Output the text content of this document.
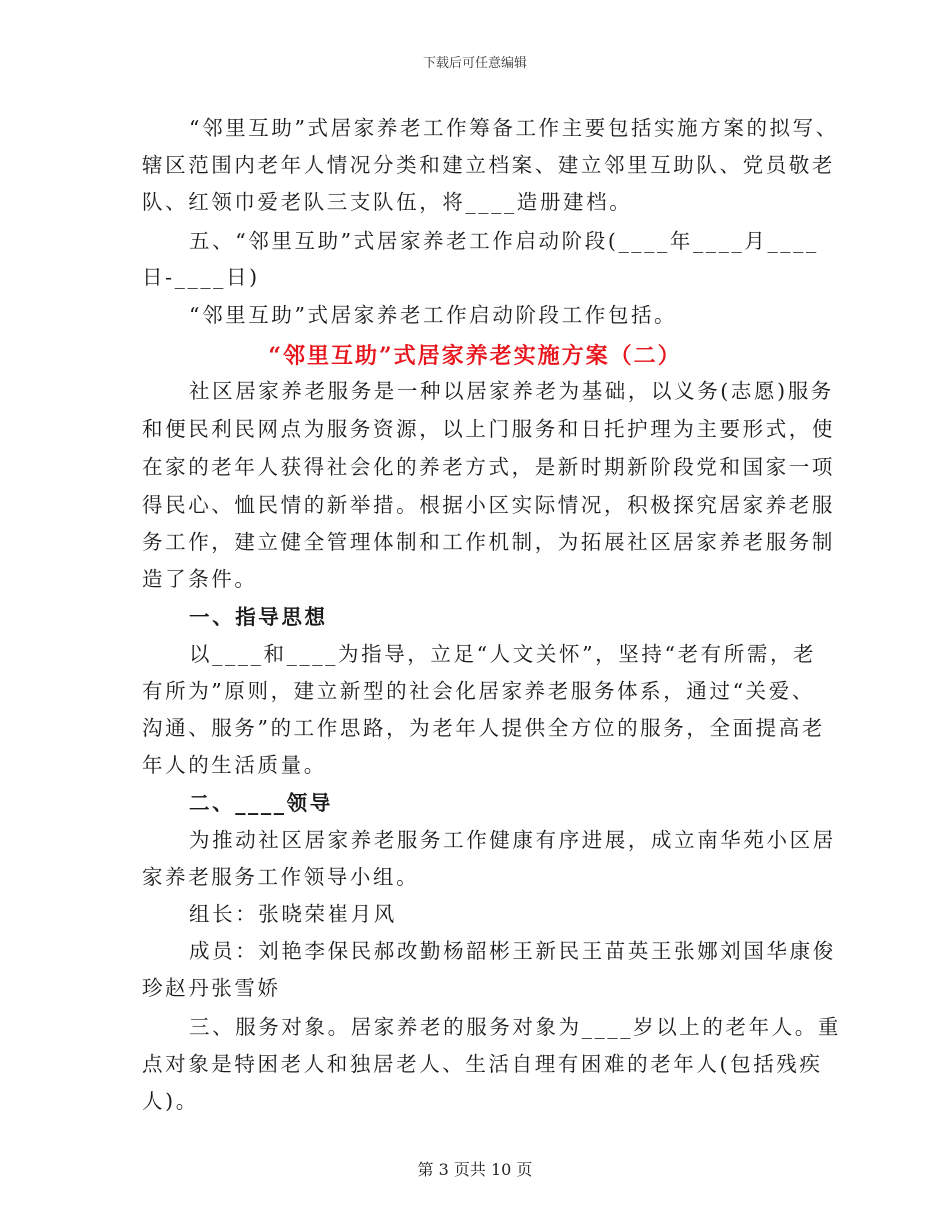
下载后可任意编辑
“邻里互助”式居家养老工作筹备工作主要包括实施方案的拟写、
辖区范围内老年人情况分类和建立档案、建立邻里互助队、党员敬老
队、红领巾爱老队三支队伍，将____造册建档。
五、“邻里互助”式居家养老工作启动阶段(____年____月____
日-____日)
“邻里互助”式居家养老工作启动阶段工作包括。
“邻里互助”式居家养老实施方案（二）
社区居家养老服务是一种以居家养老为基础，以义务(志愿)服务
和便民利民网点为服务资源，以上门服务和日托护理为主要形式，使
在家的老年人获得社会化的养老方式，是新时期新阶段党和国家一项
得民心、恤民情的新举措。根据小区实际情况，积极探究居家养老服
务工作，建立健全管理体制和工作机制，为拓展社区居家养老服务制
造了条件。
一、指导思想
以____和____为指导，立足“人文关怀”，坚持“老有所需，老
有所为”原则，建立新型的社会化居家养老服务体系，通过“关爱、
沟通、服务”的工作思路，为老年人提供全方位的服务，全面提高老
年人的生活质量。
二、____领导
为推动社区居家养老服务工作健康有序进展，成立南华苑小区居
家养老服务工作领导小组。
组长：张晓荣崔月风
成员：刘艳李保民郝改勤杨韶彬王新民王苗英王张娜刘国华康俊
珍赵丹张雪娇
三、服务对象。居家养老的服务对象为____岁以上的老年人。重
点对象是特困老人和独居老人、生活自理有困难的老年人(包括残疾
人)。
第 3 页共 10 页
